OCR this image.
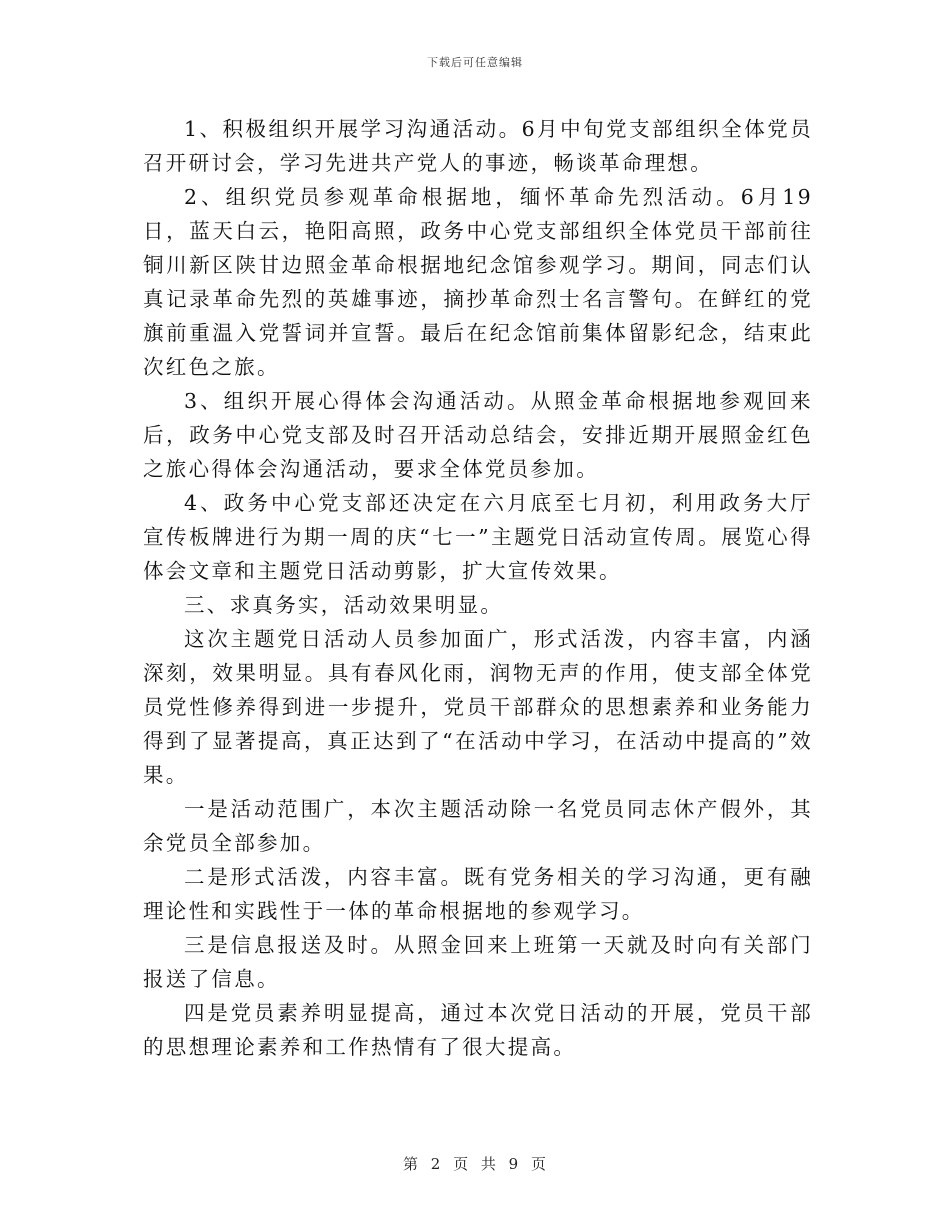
下载后可任意编辑

1、积极组织开展学习沟通活动。6月中旬党支部组织全体党员召开研讨会，学习先进共产党人的事迹，畅谈革命理想。

2、组织党员参观革命根据地，缅怀革命先烈活动。6月19日，蓝天白云，艳阳高照，政务中心党支部组织全体党员干部前往铜川新区陕甘边照金革命根据地纪念馆参观学习。期间，同志们认真记录革命先烈的英雄事迹，摘抄革命烈士名言警句。在鲜红的党旗前重温入党誓词并宣誓。最后在纪念馆前集体留影纪念，结束此次红色之旅。

3、组织开展心得体会沟通活动。从照金革命根据地参观回来后，政务中心党支部及时召开活动总结会，安排近期开展照金红色之旅心得体会沟通活动，要求全体党员参加。

4、政务中心党支部还决定在六月底至七月初，利用政务大厅宣传板牌进行为期一周的庆“七一”主题党日活动宣传周。展览心得体会文章和主题党日活动剪影，扩大宣传效果。

三、求真务实，活动效果明显。

这次主题党日活动人员参加面广，形式活泼，内容丰富，内涵深刻，效果明显。具有春风化雨，润物无声的作用，使支部全体党员党性修养得到进一步提升，党员干部群众的思想素养和业务能力得到了显著提高，真正达到了“在活动中学习，在活动中提高的”效果。

一是活动范围广，本次主题活动除一名党员同志休产假外，其余党员全部参加。

二是形式活泼，内容丰富。既有党务相关的学习沟通，更有融理论性和实践性于一体的革命根据地的参观学习。

三是信息报送及时。从照金回来上班第一天就及时向有关部门报送了信息。

四是党员素养明显提高，通过本次党日活动的开展，党员干部的思想理论素养和工作热情有了很大提高。

第 2 页 共 9 页
